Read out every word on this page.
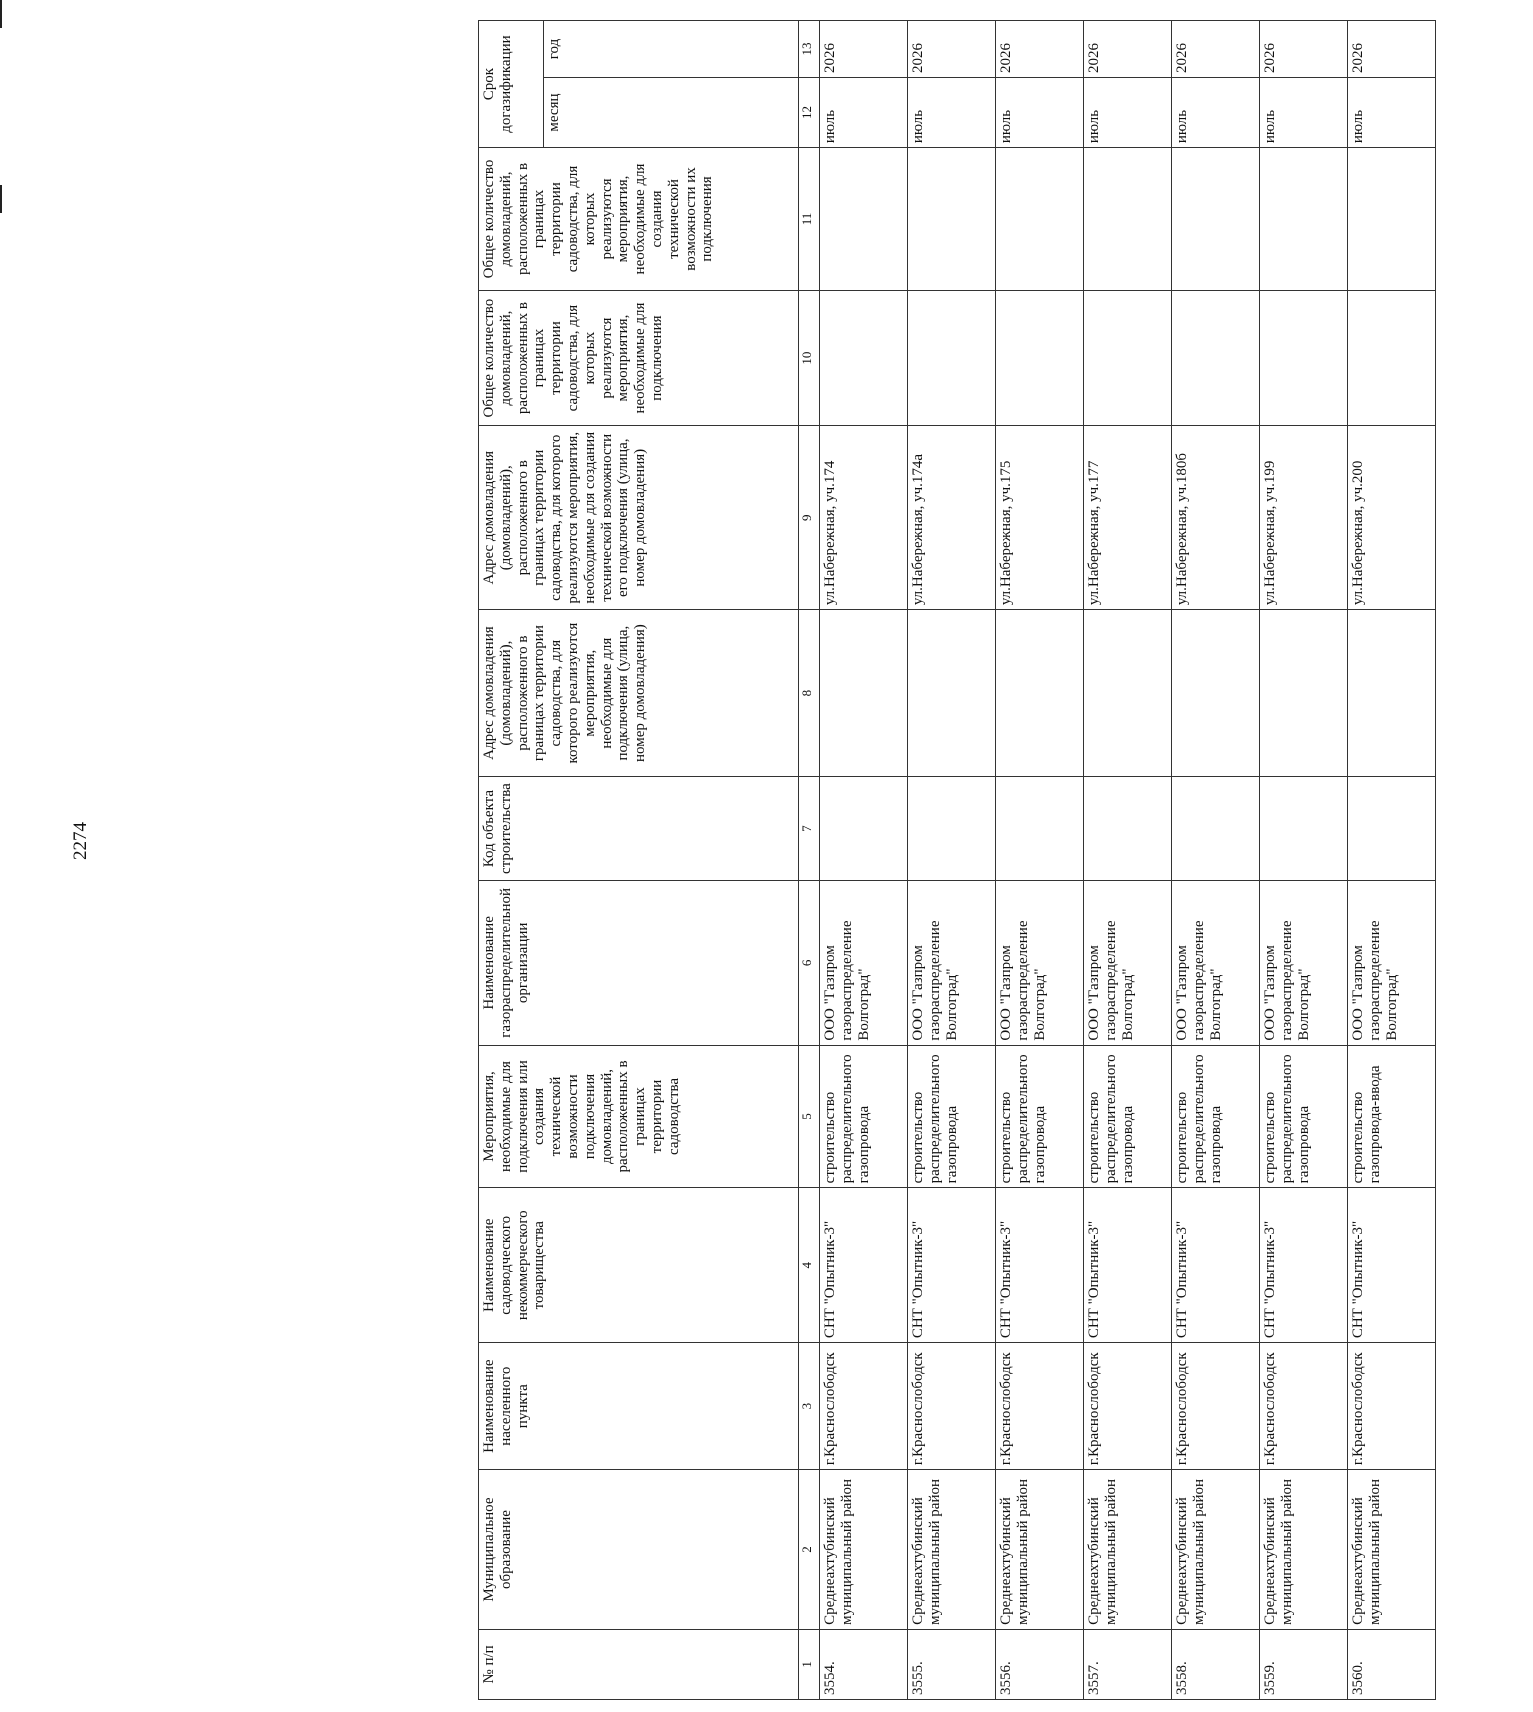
2274
№ п/п	Муниципальное образование	Наименование населенного пункта	Наименование садоводческого некоммерческого товарищества	Мероприятия, необходимые для подключения или создания технической возможности подключения домовладений, расположенных в границах территории садоводства	Наименование газораспределительной организации	Код объекта строительства	Адрес домовладения (домовладений), расположенного в границах территории садоводства, для которого реализуются мероприятия, необходимые для подключения (улица, номер домовладения)	Адрес домовладения (домовладений), расположенного в границах территории садоводства, для которого реализуются мероприятия, необходимые для создания технической возможности его подключения (улица, номер домовладения)	Общее количество домовладений, расположенных в границах территории садоводства, для которых реализуются мероприятия, необходимые для подключения	Общее количество домовладений, расположенных в границах территории садоводства, для которых реализуются мероприятия, необходимые для создания технической возможности их подключения	Срок догазификации	
											месяц	год
1	2	3	4	5	6	7	8	9	10	11	12	13
3554.	Среднеахтубинский муниципальный район	г.Краснослободск	СНТ "Опытник-3"	строительство распределительного газопровода	ООО "Газпром газораспределение Волгоград"			ул.Набережная, уч.174			июль	2026
3555.	Среднеахтубинский муниципальный район	г.Краснослободск	СНТ "Опытник-3"	строительство распределительного газопровода	ООО "Газпром газораспределение Волгоград"			ул.Набережная, уч.174а			июль	2026
3556.	Среднеахтубинский муниципальный район	г.Краснослободск	СНТ "Опытник-3"	строительство распределительного газопровода	ООО "Газпром газораспределение Волгоград"			ул.Набережная, уч.175			июль	2026
3557.	Среднеахтубинский муниципальный район	г.Краснослободск	СНТ "Опытник-3"	строительство распределительного газопровода	ООО "Газпром газораспределение Волгоград"			ул.Набережная, уч.177			июль	2026
3558.	Среднеахтубинский муниципальный район	г.Краснослободск	СНТ "Опытник-3"	строительство распределительного газопровода	ООО "Газпром газораспределение Волгоград"			ул.Набережная, уч.180б			июль	2026
3559.	Среднеахтубинский муниципальный район	г.Краснослободск	СНТ "Опытник-3"	строительство распределительного газопровода	ООО "Газпром газораспределение Волгоград"			ул.Набережная, уч.199			июль	2026
3560.	Среднеахтубинский муниципальный район	г.Краснослободск	СНТ "Опытник-3"	строительство газопровода-ввода	ООО "Газпром газораспределение Волгоград"			ул.Набережная, уч.200			июль	2026
